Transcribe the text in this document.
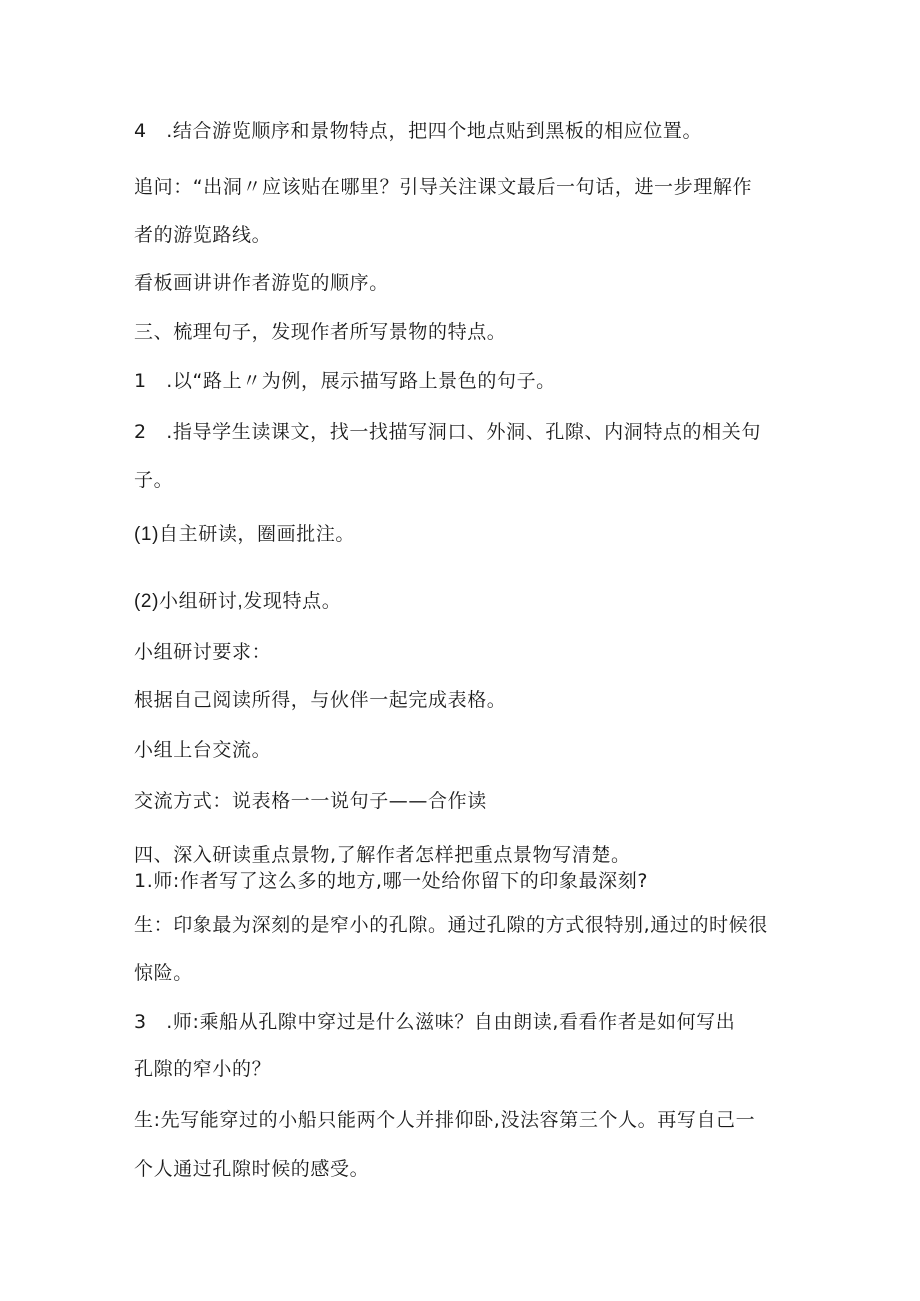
4　.结合游览顺序和景物特点，把四个地点贴到黑板的相应位置。
追问：“出洞〃应该贴在哪里？引导关注课文最后一句话，进一步理解作
者的游览路线。
看板画讲讲作者游览的顺序。
三、梳理句子，发现作者所写景物的特点。
1　.以“路上〃为例，展示描写路上景色的句子。
2　.指导学生读课文，找一找描写洞口、外洞、孔隙、内洞特点的相关句
子。
(1)自主研读，圈画批注。
(2)小组研讨,发现特点。
小组研讨要求：
根据自己阅读所得，与伙伴一起完成表格。
小组上台交流。
交流方式：说表格一一说句子——合作读
四、深入研读重点景物,了解作者怎样把重点景物写清楚。
1.师:作者写了这么多的地方,哪一处给你留下的印象最深刻?
生：印象最为深刻的是窄小的孔隙。通过孔隙的方式很特别,通过的时候很
惊险。
3　.师:乘船从孔隙中穿过是什么滋味？自由朗读,看看作者是如何写出
孔隙的窄小的？
生:先写能穿过的小船只能两个人并排仰卧,没法容第三个人。再写自己一
个人通过孔隙时候的感受。
